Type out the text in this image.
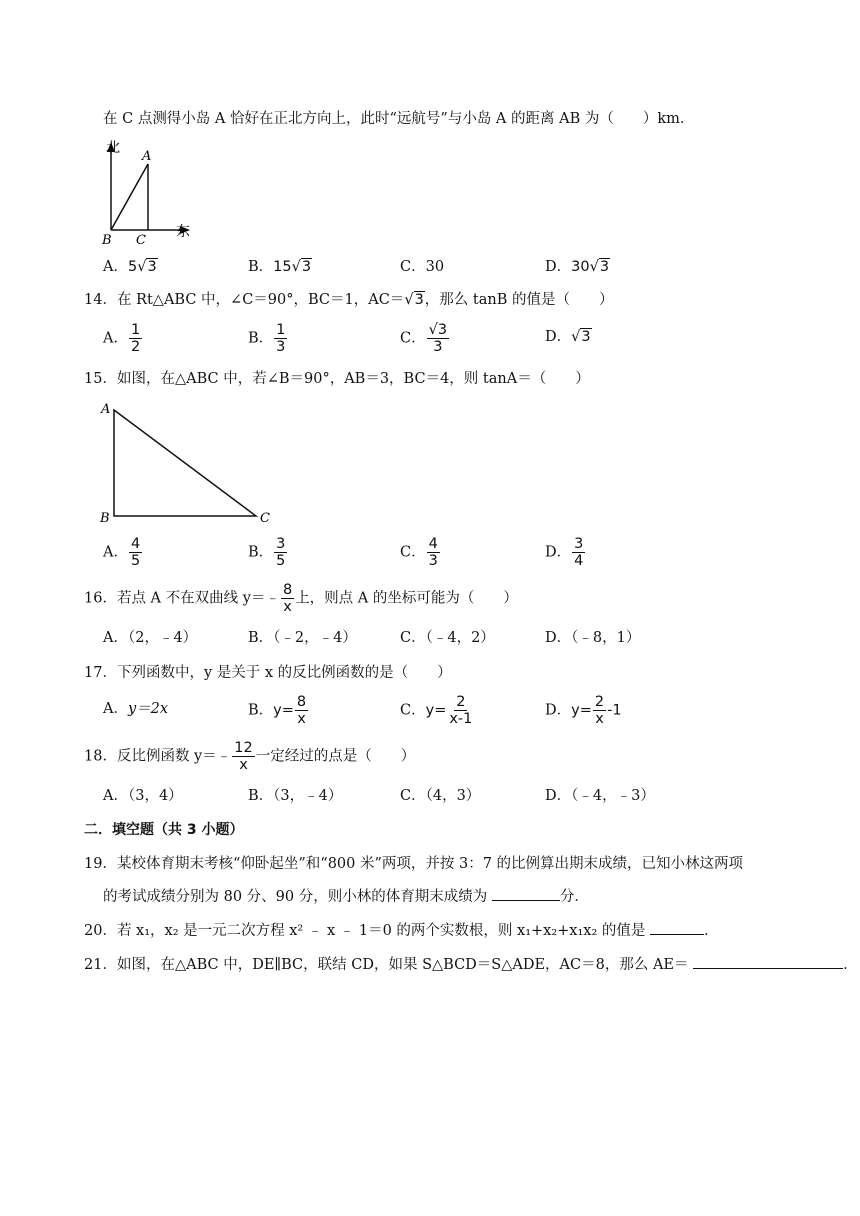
在 C 点测得小岛 A 恰好在正北方向上，此时“远航号”与小岛 A 的距离 AB 为（　　）km．
北
A
B C
东
A．5√3	B．15√3	C．30	D．30√3
14．在 Rt△ABC 中，∠C＝90°，BC＝1，AC＝√3，那么 tanB 的值是（　　）
A． $\frac{1}{2}$	B． $\frac{1}{3}$	C． $\frac{√3}{3}$	D．√3
15．如图，在△ABC 中，若∠B＝90°，AB＝3，BC＝4，则 tanA＝（　　）
A
B	C
A． $\frac{4}{5}$	B． $\frac{3}{5}$	C． $\frac{4}{3}$	D． $\frac{3}{4}$
16．若点 A 不在双曲线 y＝﹣ $\frac{8}{x}$ 上，则点 A 的坐标可能为（　　）
A．（2，﹣4）	B．（﹣2，﹣4）	C．（﹣4，2）	D．（﹣8，1）
17．下列函数中，y 是关于 x 的反比例函数的是（　　）
A．y＝2x	B．$y= \frac{8}{x}$	C．$y= \frac{2}{x-1}$	D．$y= \frac{2}{x} -1$
18．反比例函数 y＝﹣ $\frac{12}{x}$ 一定经过的点是（　　）
A．（3，4）	B．（3，﹣4）	C．（4，3）	D．（﹣4，﹣3）
二．填空题（共 3 小题）
19．某校体育期末考核“仰卧起坐”和“800 米”两项，并按 3：7 的比例算出期末成绩，已知小林这两项
的考试成绩分别为 80 分、90 分，则小林的体育期末成绩为	分．
20．若 x₁，x₂ 是一元二次方程 x² ﹣ x ﹣ 1＝0 的两个实数根，则 x₁+x₂+x₁x₂ 的值是	．
21．如图，在△ABC 中，DE∥BC，联结 CD，如果 S△BCD＝S△ADE，AC＝8，那么 AE＝	．
